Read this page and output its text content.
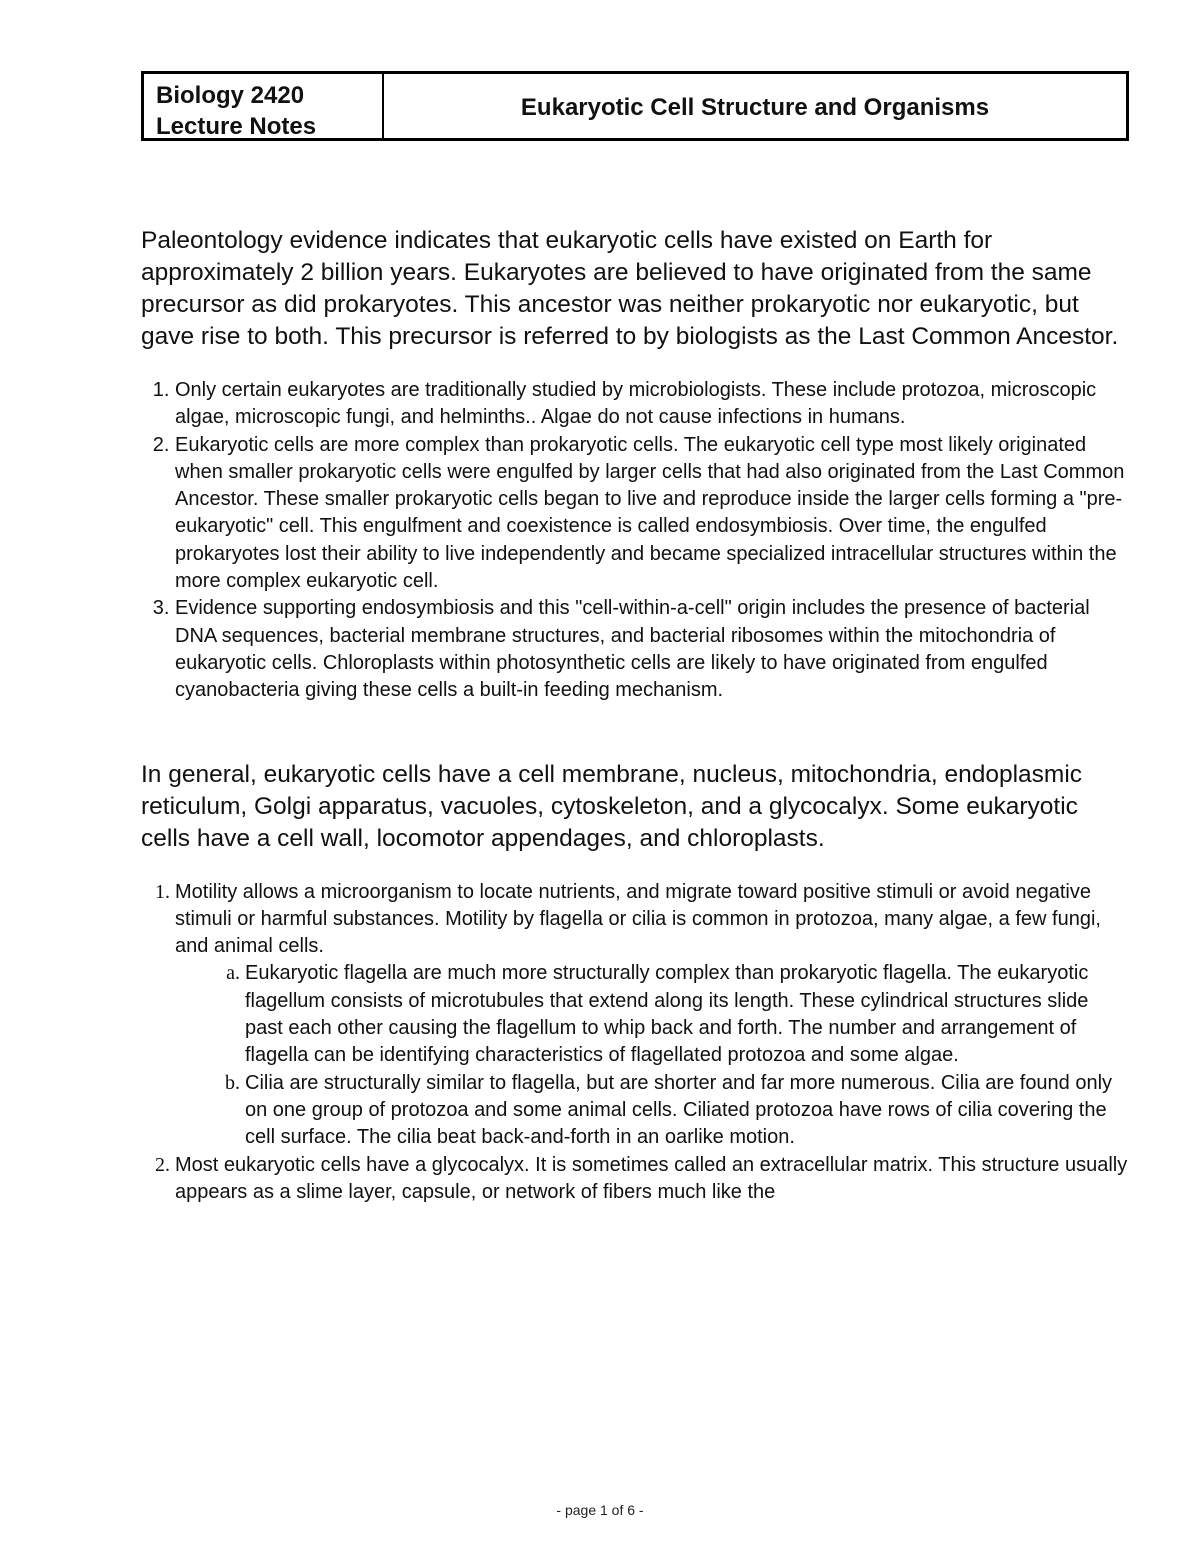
Biology 2420
Lecture Notes
Eukaryotic Cell Structure and Organisms

Paleontology evidence indicates that eukaryotic cells have existed on Earth for approximately 2 billion years. Eukaryotes are believed to have originated from the same precursor as did prokaryotes. This ancestor was neither prokaryotic nor eukaryotic, but gave rise to both. This precursor is referred to by biologists as the Last Common Ancestor.

1. Only certain eukaryotes are traditionally studied by microbiologists. These include protozoa, microscopic algae, microscopic fungi, and helminths.. Algae do not cause infections in humans.
2. Eukaryotic cells are more complex than prokaryotic cells. The eukaryotic cell type most likely originated when smaller prokaryotic cells were engulfed by larger cells that had also originated from the Last Common Ancestor. These smaller prokaryotic cells began to live and reproduce inside the larger cells forming a "pre-eukaryotic" cell. This engulfment and coexistence is called endosymbiosis. Over time, the engulfed prokaryotes lost their ability to live independently and became specialized intracellular structures within the more complex eukaryotic cell.
3. Evidence supporting endosymbiosis and this "cell-within-a-cell" origin includes the presence of bacterial DNA sequences, bacterial membrane structures, and bacterial ribosomes within the mitochondria of eukaryotic cells. Chloroplasts within photosynthetic cells are likely to have originated from engulfed cyanobacteria giving these cells a built-in feeding mechanism.

In general, eukaryotic cells have a cell membrane, nucleus, mitochondria, endoplasmic reticulum, Golgi apparatus, vacuoles, cytoskeleton, and a glycocalyx. Some eukaryotic cells have a cell wall, locomotor appendages, and chloroplasts.

1. Motility allows a microorganism to locate nutrients, and migrate toward positive stimuli or avoid negative stimuli or harmful substances. Motility by flagella or cilia is common in protozoa, many algae, a few fungi, and animal cells.
a. Eukaryotic flagella are much more structurally complex than prokaryotic flagella. The eukaryotic flagellum consists of microtubules that extend along its length. These cylindrical structures slide past each other causing the flagellum to whip back and forth. The number and arrangement of flagella can be identifying characteristics of flagellated protozoa and some algae.
b. Cilia are structurally similar to flagella, but are shorter and far more numerous. Cilia are found only on one group of protozoa and some animal cells. Ciliated protozoa have rows of cilia covering the cell surface. The cilia beat back-and-forth in an oarlike motion.
2. Most eukaryotic cells have a glycocalyx. It is sometimes called an extracellular matrix. This structure usually appears as a slime layer, capsule, or network of fibers much like the
- page 1 of 6 -
